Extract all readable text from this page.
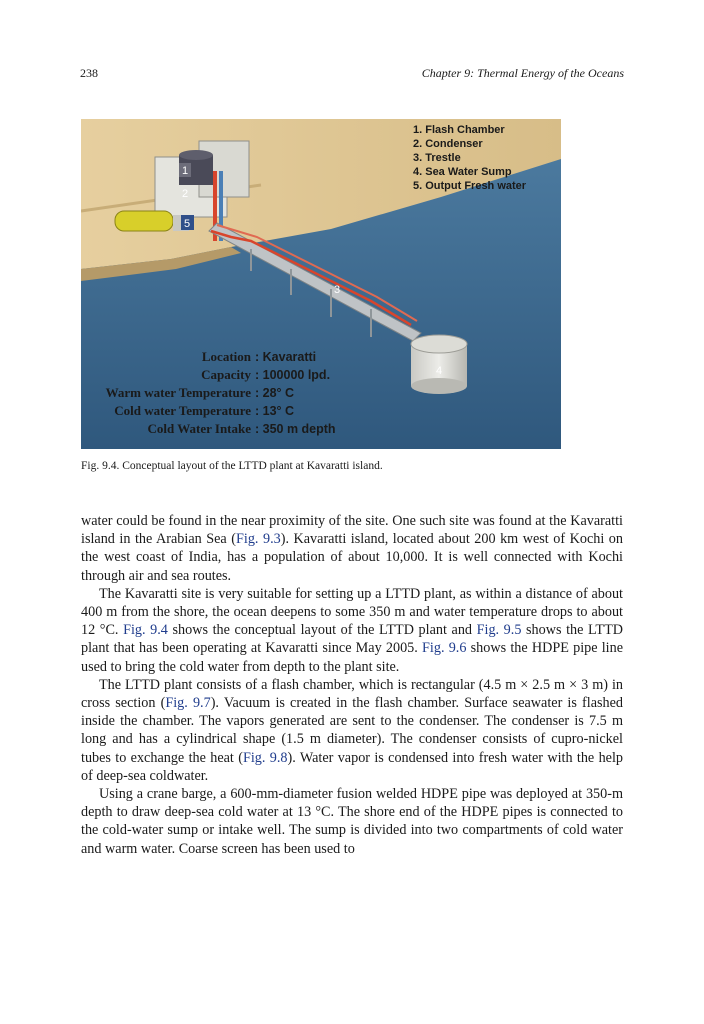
238	Chapter 9: Thermal Energy of the Oceans
1
2
3
4
5
1. Flash Chamber
2. Condenser
3. Trestle
4. Sea Water Sump
5. Output Fresh water
Location : Kavaratti
Capacity : 100000 lpd.
Warm water Temperature : 28° C
Cold water Temperature : 13° C
Cold Water Intake : 350 m depth
Fig. 9.4. Conceptual layout of the LTTD plant at Kavaratti island.

water could be found in the near proximity of the site. One such site was found at the Kavaratti island in the Arabian Sea (Fig. 9.3). Kavaratti island, located about 200 km west of Kochi on the west coast of India, has a population of about 10,000. It is well connected with Kochi through air and sea routes.

The Kavaratti site is very suitable for setting up a LTTD plant, as within a distance of about 400 m from the shore, the ocean deepens to some 350 m and water temperature drops to about 12 °C. Fig. 9.4 shows the conceptual layout of the LTTD plant and Fig. 9.5 shows the LTTD plant that has been operating at Kavaratti since May 2005. Fig. 9.6 shows the HDPE pipe line used to bring the cold water from depth to the plant site.

The LTTD plant consists of a flash chamber, which is rectangular (4.5 m × 2.5 m × 3 m) in cross section (Fig. 9.7). Vacuum is created in the flash chamber. Surface seawater is flashed inside the chamber. The vapors generated are sent to the condenser. The condenser is 7.5 m long and has a cylindrical shape (1.5 m diameter). The condenser consists of cupro-nickel tubes to exchange the heat (Fig. 9.8). Water vapor is condensed into fresh water with the help of deep-sea coldwater.

Using a crane barge, a 600-mm-diameter fusion welded HDPE pipe was deployed at 350-m depth to draw deep-sea cold water at 13 °C. The shore end of the HDPE pipes is connected to the cold-water sump or intake well. The sump is divided into two compartments of cold water and warm water. Coarse screen has been used to
